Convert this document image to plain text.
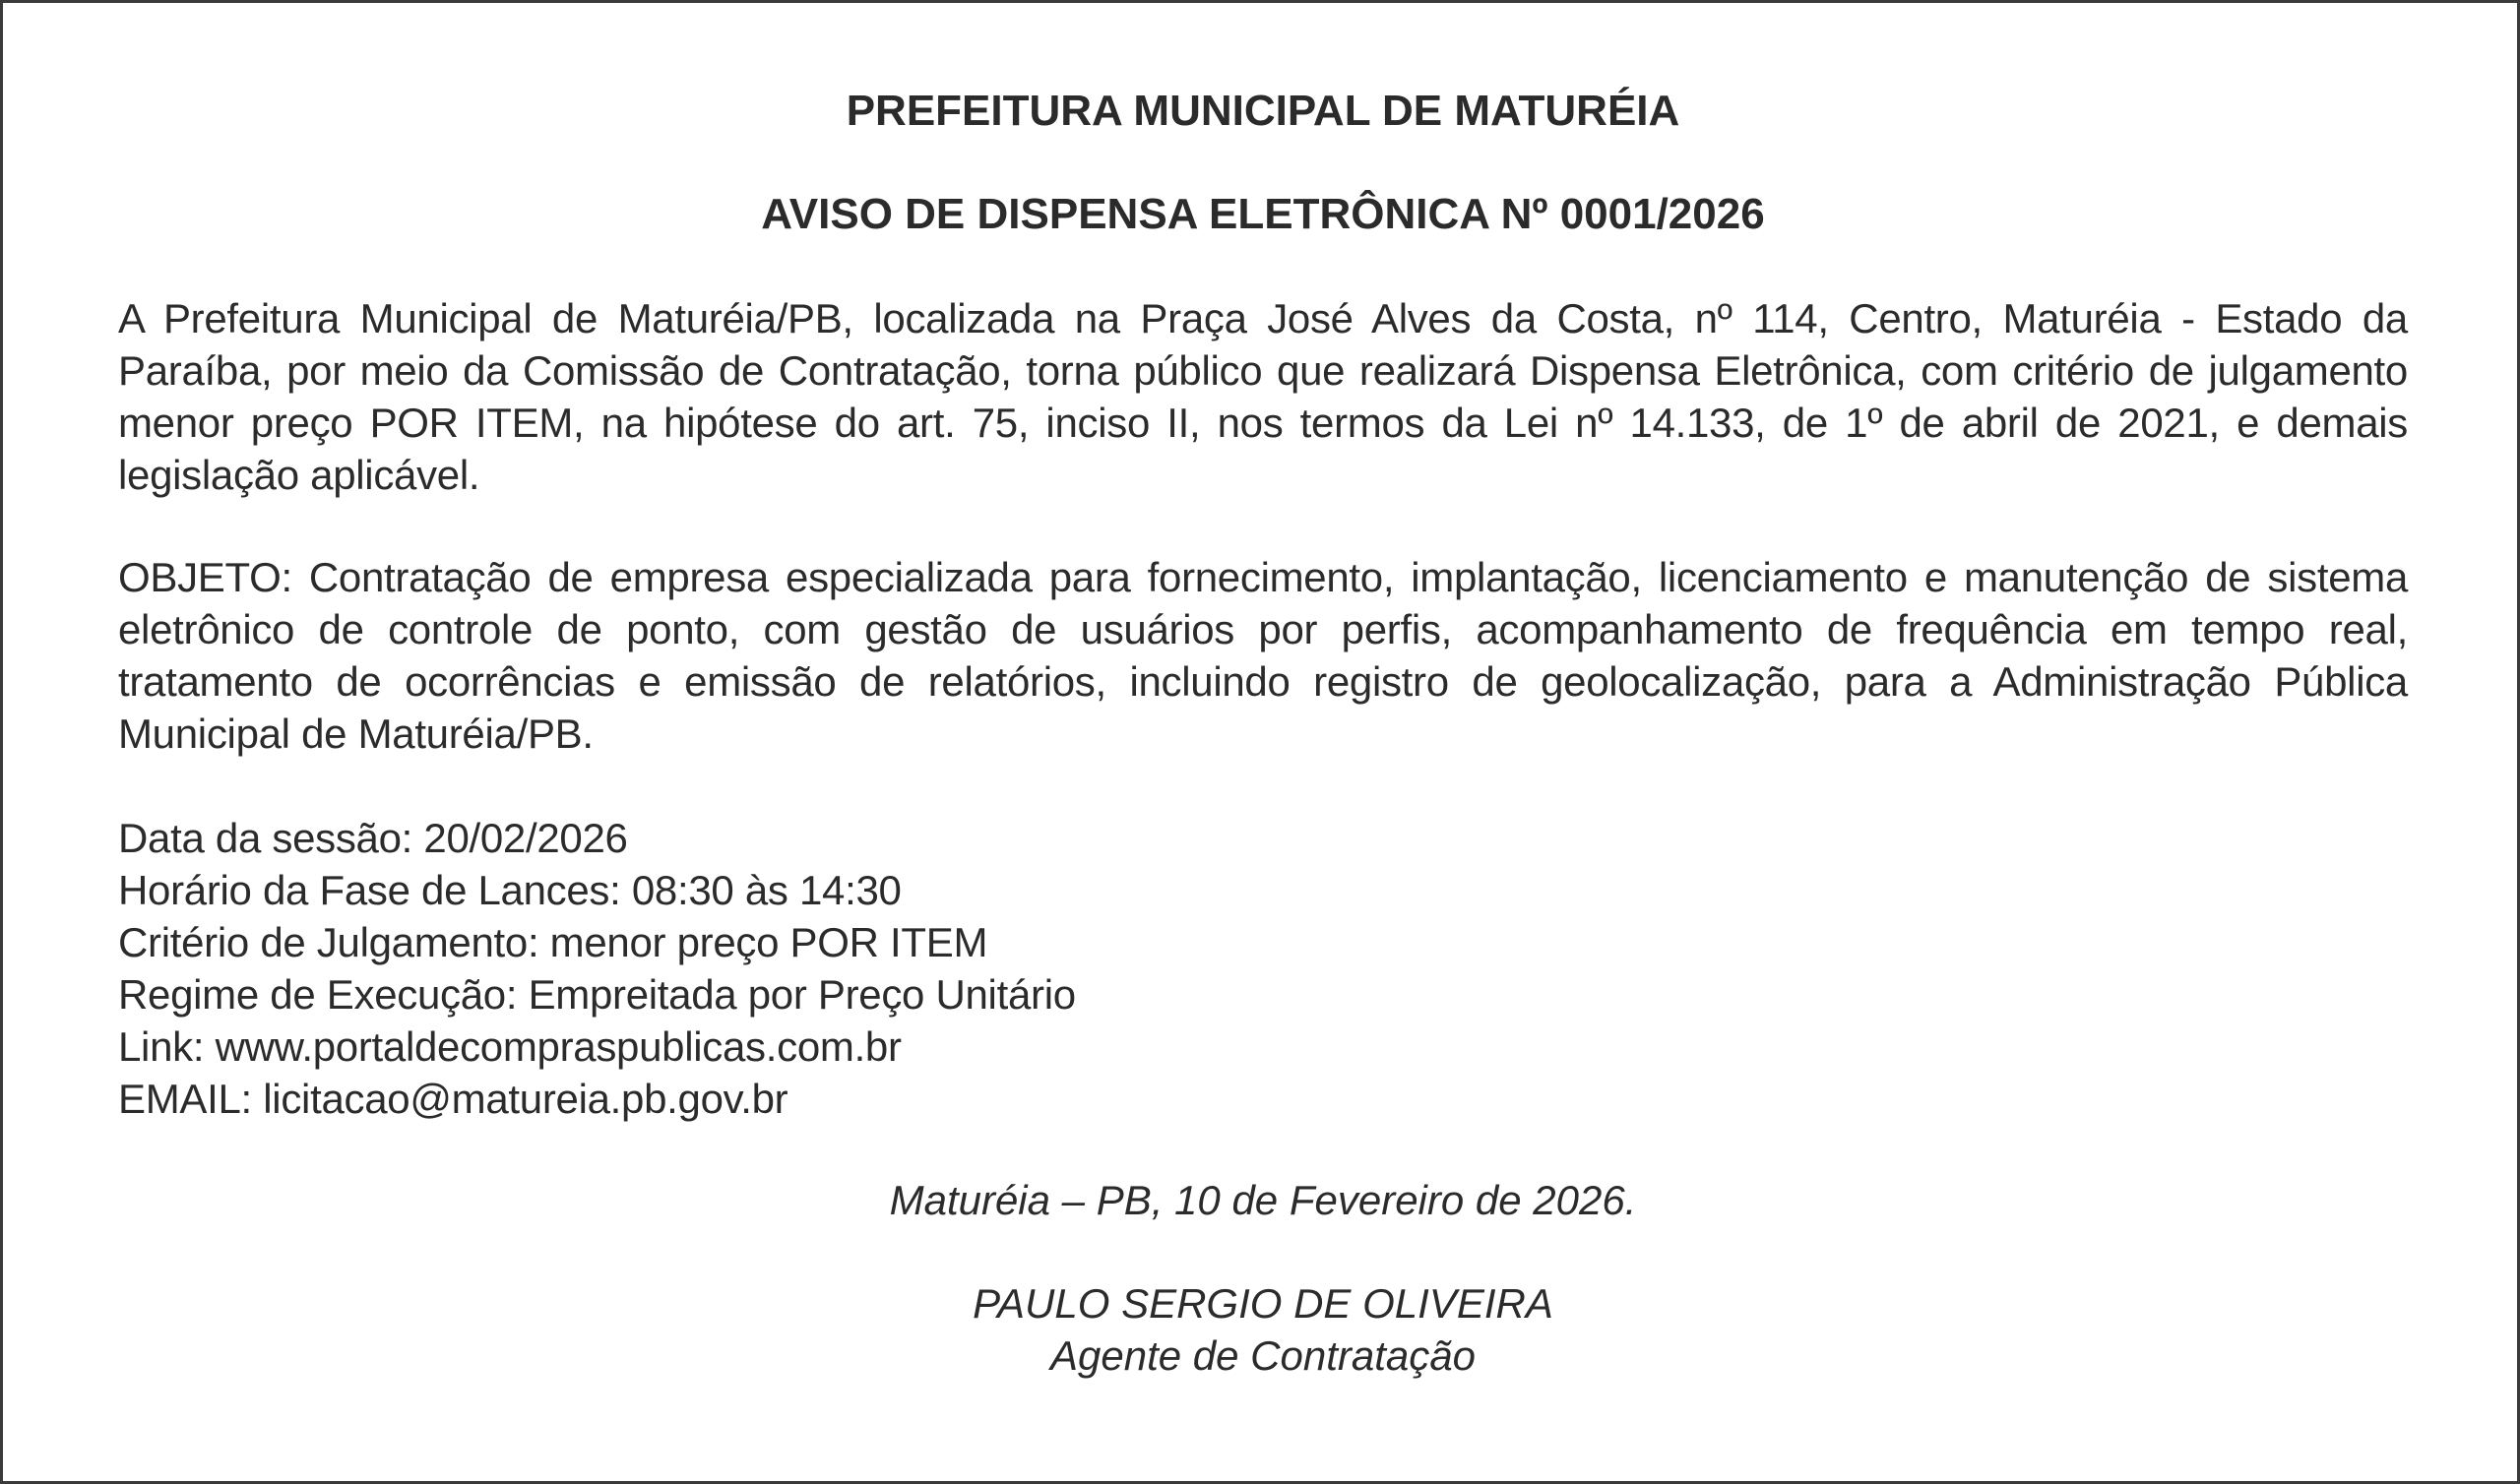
PREFEITURA MUNICIPAL DE MATURÉIA
AVISO DE DISPENSA ELETRÔNICA Nº 0001/2026

A Prefeitura Municipal de Maturéia/PB, localizada na Praça José Alves da Costa, nº 114, Centro, Maturéia - Estado da Paraíba, por meio da Comissão de Contratação, torna público que realizará Dispensa Eletrônica, com critério de julgamento menor preço POR ITEM, na hipótese do art. 75, inciso II, nos termos da Lei nº 14.133, de 1º de abril de 2021, e demais legislação aplicável.

OBJETO: Contratação de empresa especializada para fornecimento, implantação, licenciamento e manutenção de sistema eletrônico de controle de ponto, com gestão de usuários por perfis, acompanhamento de frequência em tempo real, tratamento de ocorrências e emissão de relatórios, incluindo registro de geolocalização, para a Administração Pública Municipal de Maturéia/PB.

Data da sessão: 20/02/2026
Horário da Fase de Lances: 08:30 às 14:30
Critério de Julgamento: menor preço POR ITEM
Regime de Execução: Empreitada por Preço Unitário
Link: www.portaldecompraspublicas.com.br
EMAIL: licitacao@matureia.pb.gov.br
Maturéia – PB, 10 de Fevereiro de 2026.
PAULO SERGIO DE OLIVEIRA
Agente de Contratação
